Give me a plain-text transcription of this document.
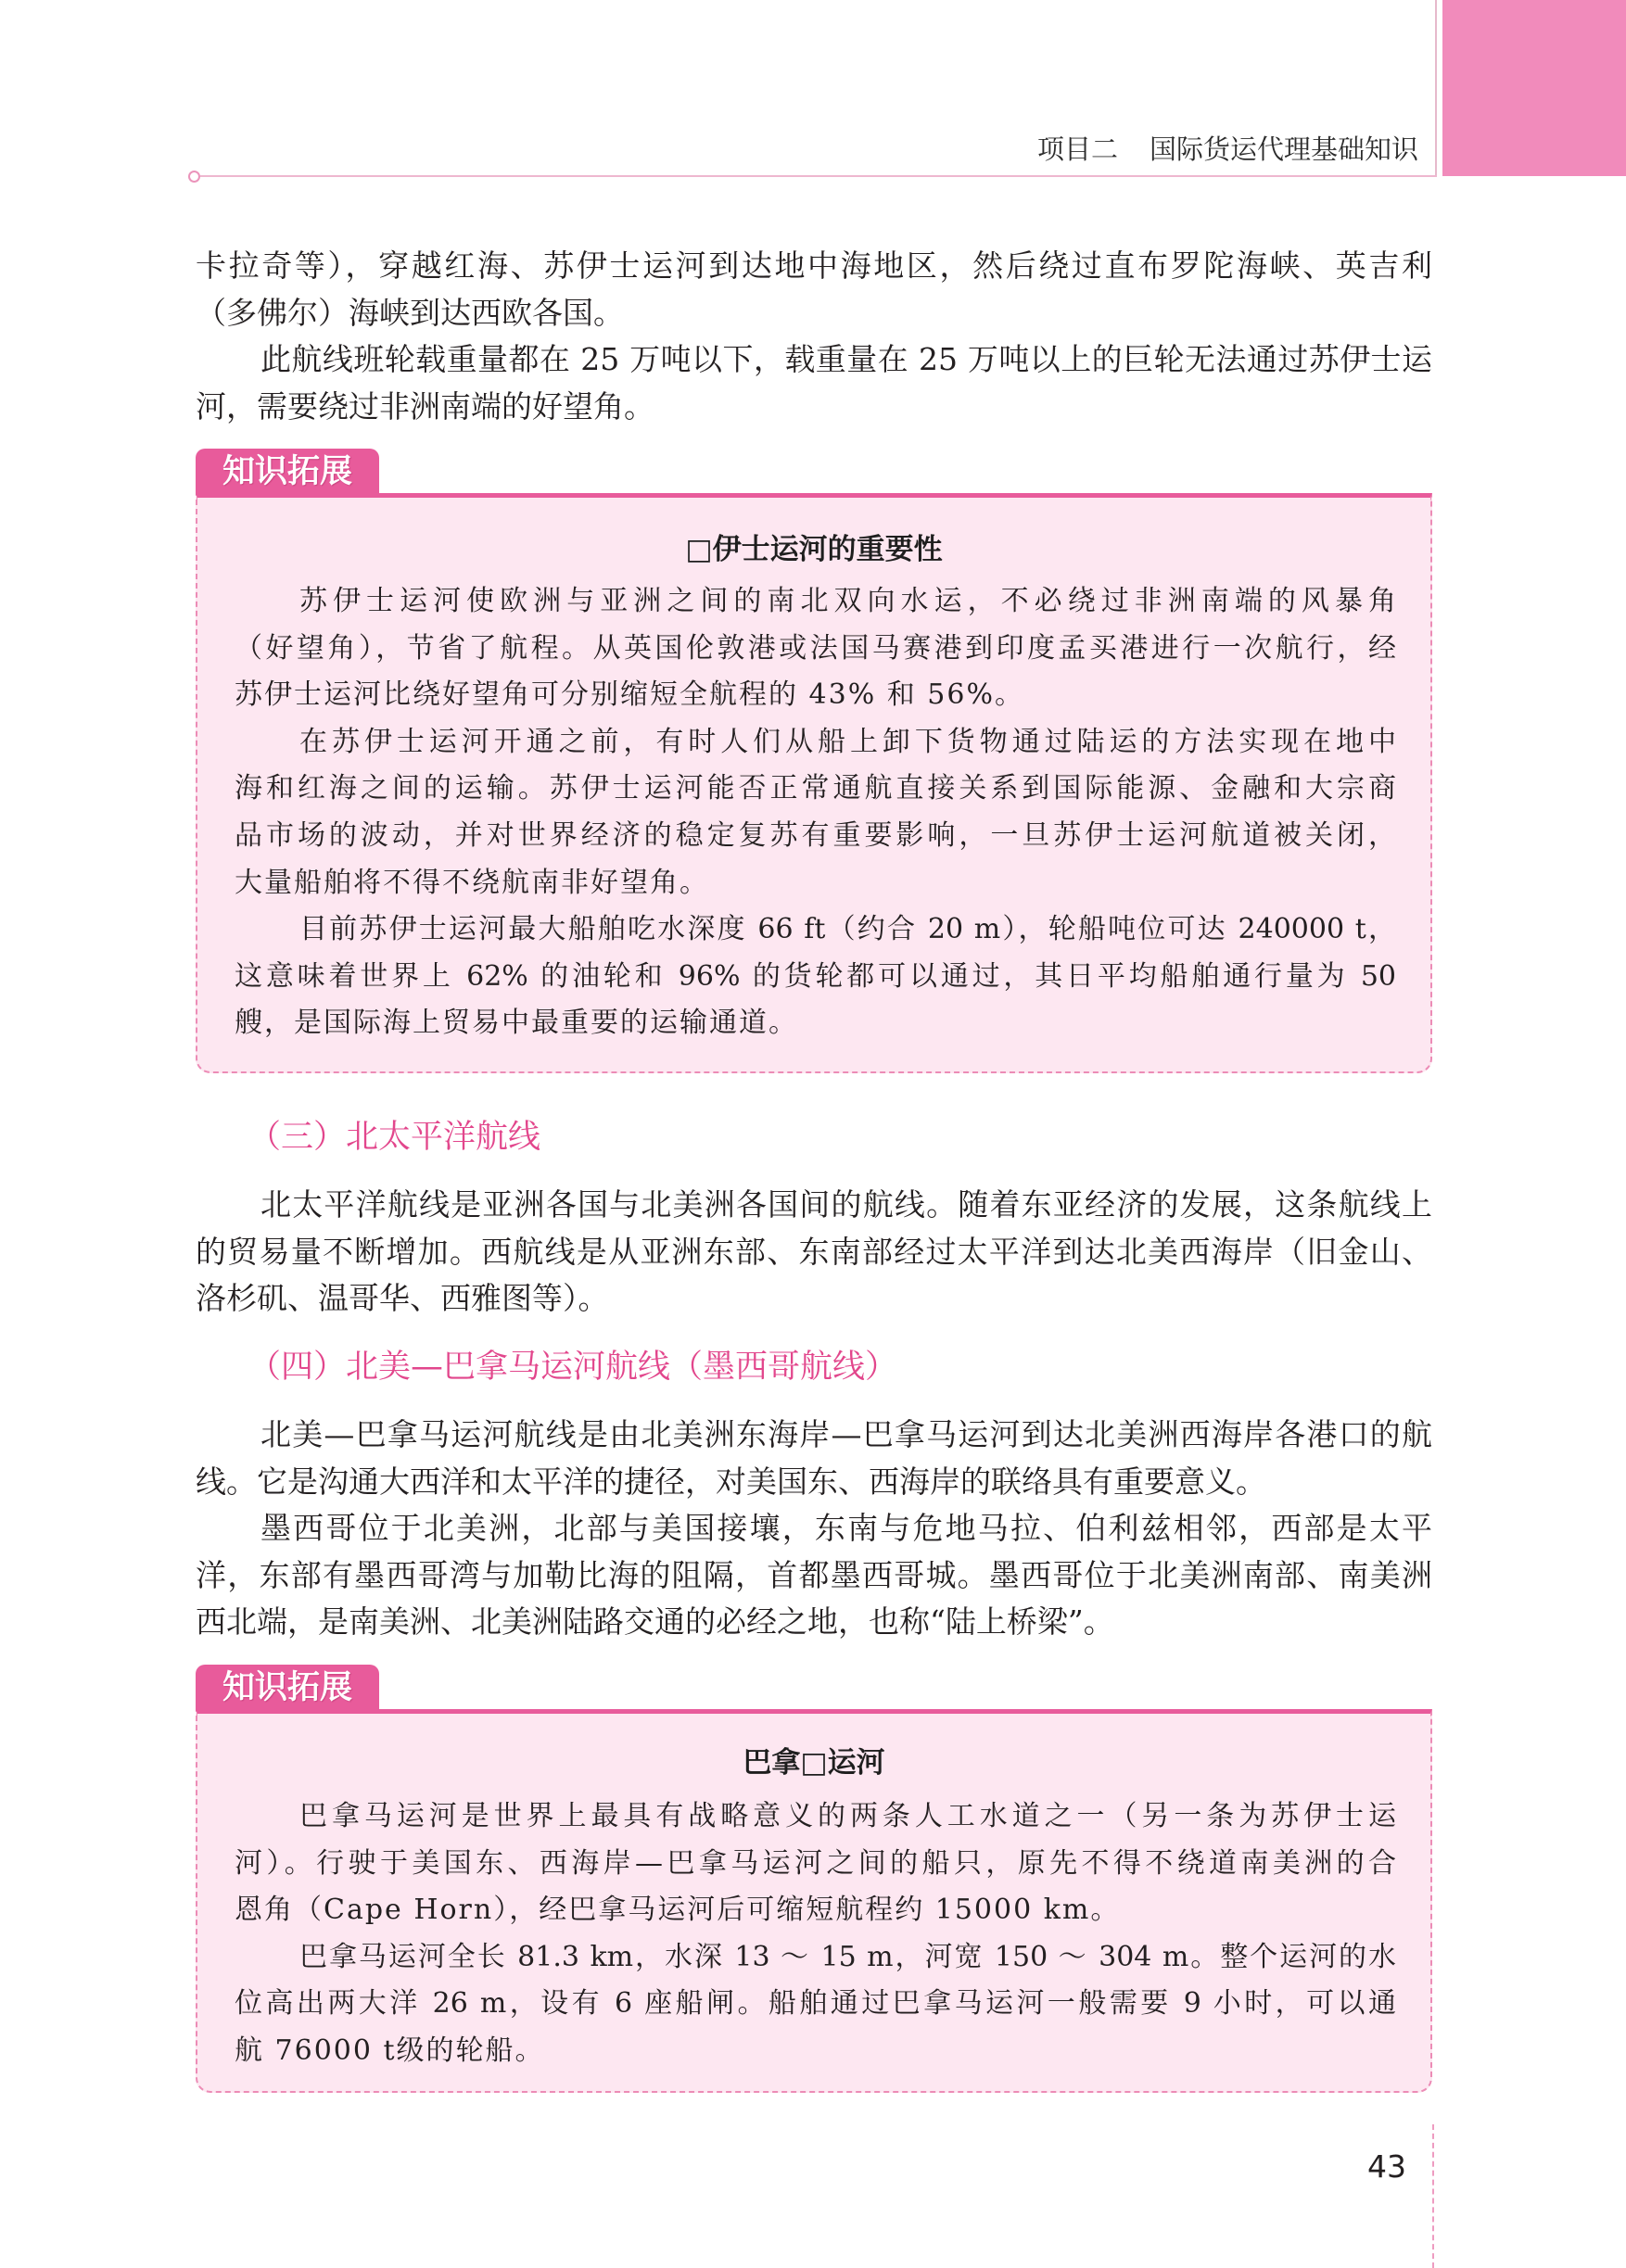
项目二 国际货运代理基础知识
卡拉奇等），穿越红海、苏伊士运河到达地中海地区，然后绕过直布罗陀海峡、英吉利
（多佛尔）海峡到达西欧各国。
此航线班轮载重量都在 25 万吨以下，载重量在 25 万吨以上的巨轮无法通过苏伊士运
河，需要绕过非洲南端的好望角。
知识拓展
□伊士运河的重要性
苏伊士运河使欧洲与亚洲之间的南北双向水运，不必绕过非洲南端的风暴角
（好望角），节省了航程。从英国伦敦港或法国马赛港到印度孟买港进行一次航行，经
苏伊士运河比绕好望角可分别缩短全航程的 43% 和 56%。
在苏伊士运河开通之前，有时人们从船上卸下货物通过陆运的方法实现在地中
海和红海之间的运输。苏伊士运河能否正常通航直接关系到国际能源、金融和大宗商
品市场的波动，并对世界经济的稳定复苏有重要影响，一旦苏伊士运河航道被关闭，
大量船舶将不得不绕航南非好望角。
目前苏伊士运河最大船舶吃水深度 66 ft（约合 20 m），轮船吨位可达 240000 t，
这意味着世界上 62% 的油轮和 96% 的货轮都可以通过，其日平均船舶通行量为 50
艘，是国际海上贸易中最重要的运输通道。
（三）北太平洋航线
北太平洋航线是亚洲各国与北美洲各国间的航线。随着东亚经济的发展，这条航线上
的贸易量不断增加。西航线是从亚洲东部、东南部经过太平洋到达北美西海岸（旧金山、
洛杉矶、温哥华、西雅图等）。
（四）北美—巴拿马运河航线（墨西哥航线）
北美—巴拿马运河航线是由北美洲东海岸—巴拿马运河到达北美洲西海岸各港口的航
线。它是沟通大西洋和太平洋的捷径，对美国东、西海岸的联络具有重要意义。
墨西哥位于北美洲，北部与美国接壤，东南与危地马拉、伯利兹相邻，西部是太平
洋，东部有墨西哥湾与加勒比海的阻隔，首都墨西哥城。墨西哥位于北美洲南部、南美洲
西北端，是南美洲、北美洲陆路交通的必经之地，也称“陆上桥梁”。
知识拓展
巴拿□运河
巴拿马运河是世界上最具有战略意义的两条人工水道之一（另一条为苏伊士运
河）。行驶于美国东、西海岸—巴拿马运河之间的船只，原先不得不绕道南美洲的合
恩角（Cape Horn），经巴拿马运河后可缩短航程约 15000 km。
巴拿马运河全长 81.3 km，水深 13 ～ 15 m，河宽 150 ～ 304 m。整个运河的水
位高出两大洋 26 m，设有 6 座船闸。船舶通过巴拿马运河一般需要 9 小时，可以通
航 76000 t级的轮船。
43
